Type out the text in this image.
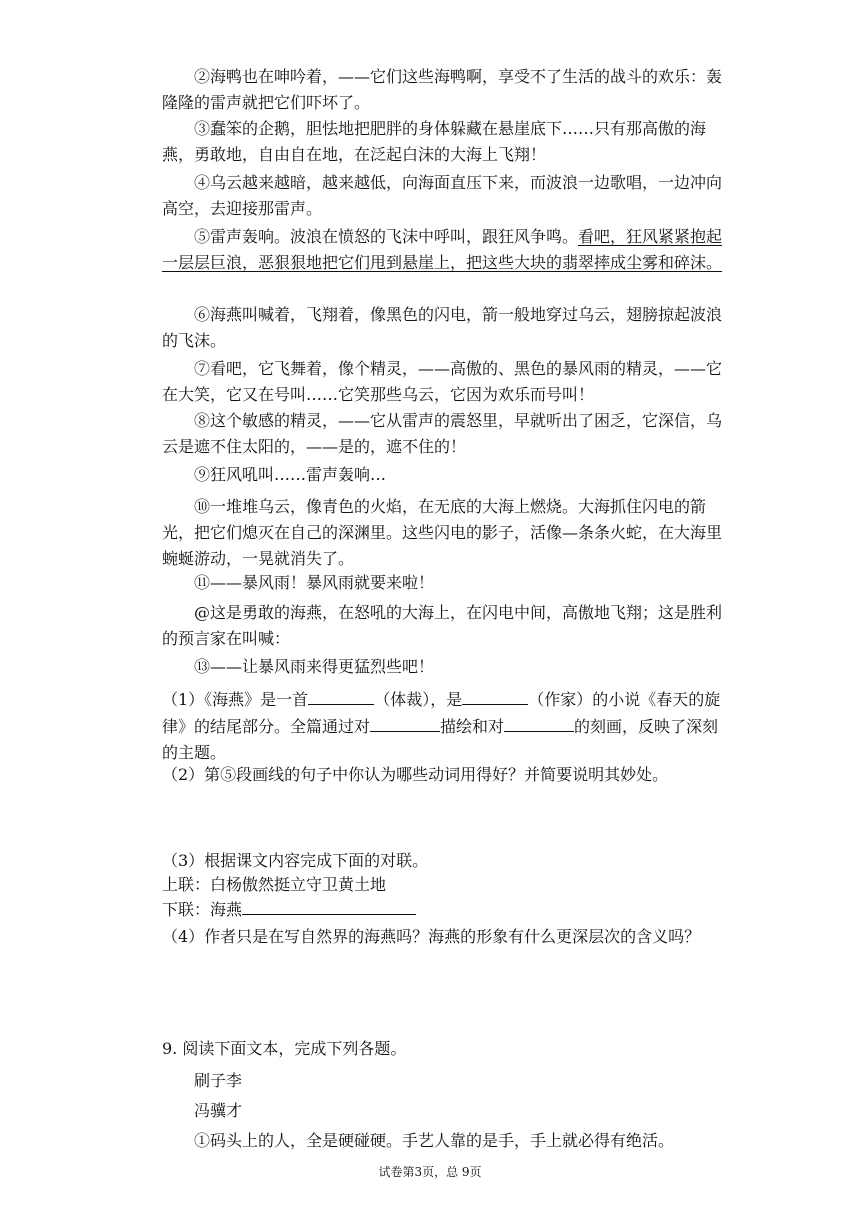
②海鸭也在呻吟着，——它们这些海鸭啊，享受不了生活的战斗的欢乐：轰隆隆的雷声就把它们吓坏了。

③蠢笨的企鹅，胆怯地把肥胖的身体躲藏在悬崖底下……只有那高傲的海燕，勇敢地，自由自在地，在泛起白沫的大海上飞翔！

④乌云越来越暗，越来越低，向海面直压下来，而波浪一边歌唱，一边冲向高空，去迎接那雷声。

⑤雷声轰响。波浪在愤怒的飞沫中呼叫，跟狂风争鸣。看吧，狂风紧紧抱起一层层巨浪，恶狠狠地把它们甩到悬崖上，把这些大块的翡翠摔成尘雾和碎沫。

⑥海燕叫喊着，飞翔着，像黑色的闪电，箭一般地穿过乌云，翅膀掠起波浪的飞沫。

⑦看吧，它飞舞着，像个精灵，——高傲的、黑色的暴风雨的精灵，——它在大笑，它又在号叫……它笑那些乌云，它因为欢乐而号叫！

⑧这个敏感的精灵，——它从雷声的震怒里，早就听出了困乏，它深信，乌云是遮不住太阳的，——是的，遮不住的！

⑨狂风吼叫……雷声轰响…

⑩一堆堆乌云，像青色的火焰，在无底的大海上燃烧。大海抓住闪电的箭光，把它们熄灭在自己的深渊里。这些闪电的影子，活像—条条火蛇，在大海里蜿蜒游动，一晃就消失了。

⑪——暴风雨！暴风雨就要来啦！

@这是勇敢的海燕，在怒吼的大海上，在闪电中间，高傲地飞翔；这是胜利的预言家在叫喊：

⑬——让暴风雨来得更猛烈些吧！

（1）《海燕》是一首	（体裁），是	（作家）的小说《春天的旋律》的结尾部分。全篇通过对	描绘和对	的刻画，反映了深刻的主题。

（2）第⑤段画线的句子中你认为哪些动词用得好？并简要说明其妙处。

（3）根据课文内容完成下面的对联。

上联：白杨傲然挺立守卫黄土地

下联：海燕

（4）作者只是在写自然界的海燕吗？海燕的形象有什么更深层次的含义吗？

9. 阅读下面文本，完成下列各题。

刷子李

冯骥才

①码头上的人，全是硬碰硬。手艺人靠的是手，手上就必得有绝活。

试卷第3页，总 9页
